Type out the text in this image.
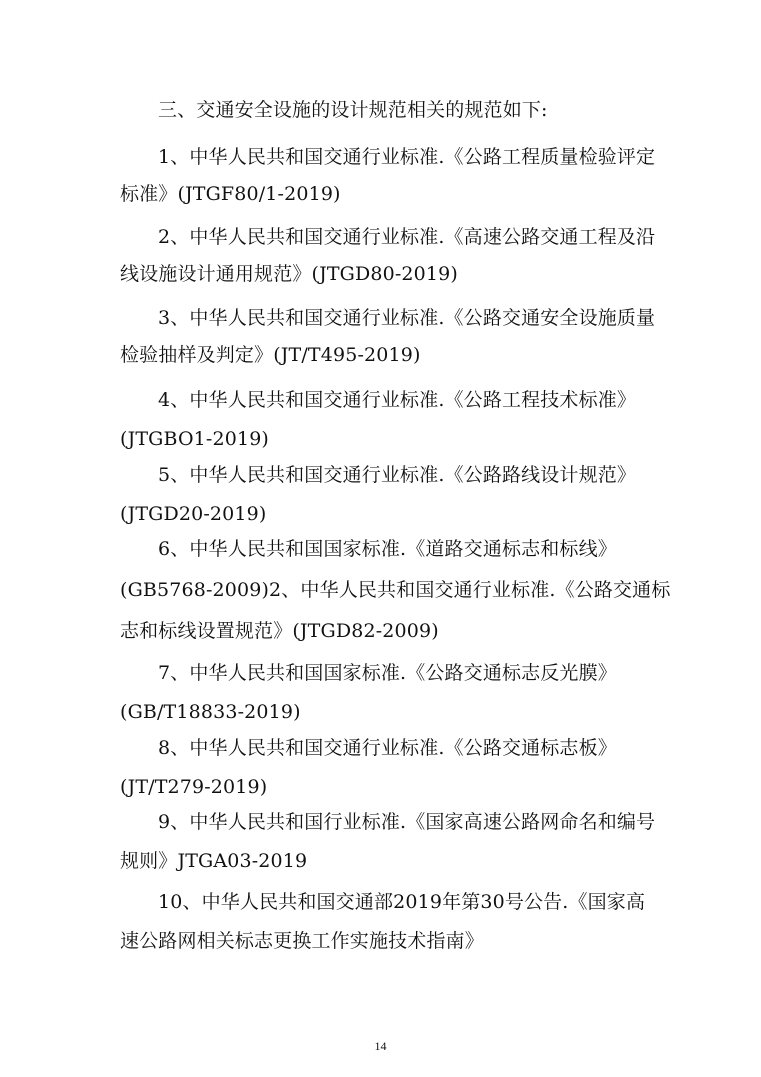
三、交通安全设施的设计规范相关的规范如下:
1、中华人民共和国交通行业标准.《公路工程质量检验评定
标准》(JTGF80/1-2019)
2、中华人民共和国交通行业标准.《高速公路交通工程及沿
线设施设计通用规范》(JTGD80-2019)
3、中华人民共和国交通行业标准.《公路交通安全设施质量
检验抽样及判定》(JT/T495-2019)
4、中华人民共和国交通行业标准.《公路工程技术标准》
(JTGBO1-2019)
5、中华人民共和国交通行业标准.《公路路线设计规范》
(JTGD20-2019)
6、中华人民共和国国家标准.《道路交通标志和标线》
(GB5768-2009)2、中华人民共和国交通行业标准.《公路交通标
志和标线设置规范》(JTGD82-2009)
7、中华人民共和国国家标准.《公路交通标志反光膜》
(GB/T18833-2019)
8、中华人民共和国交通行业标准.《公路交通标志板》
(JT/T279-2019)
9、中华人民共和国行业标准.《国家高速公路网命名和编号
规则》JTGA03-2019
10、中华人民共和国交通部2019年第30号公告.《国家高
速公路网相关标志更换工作实施技术指南》
14
